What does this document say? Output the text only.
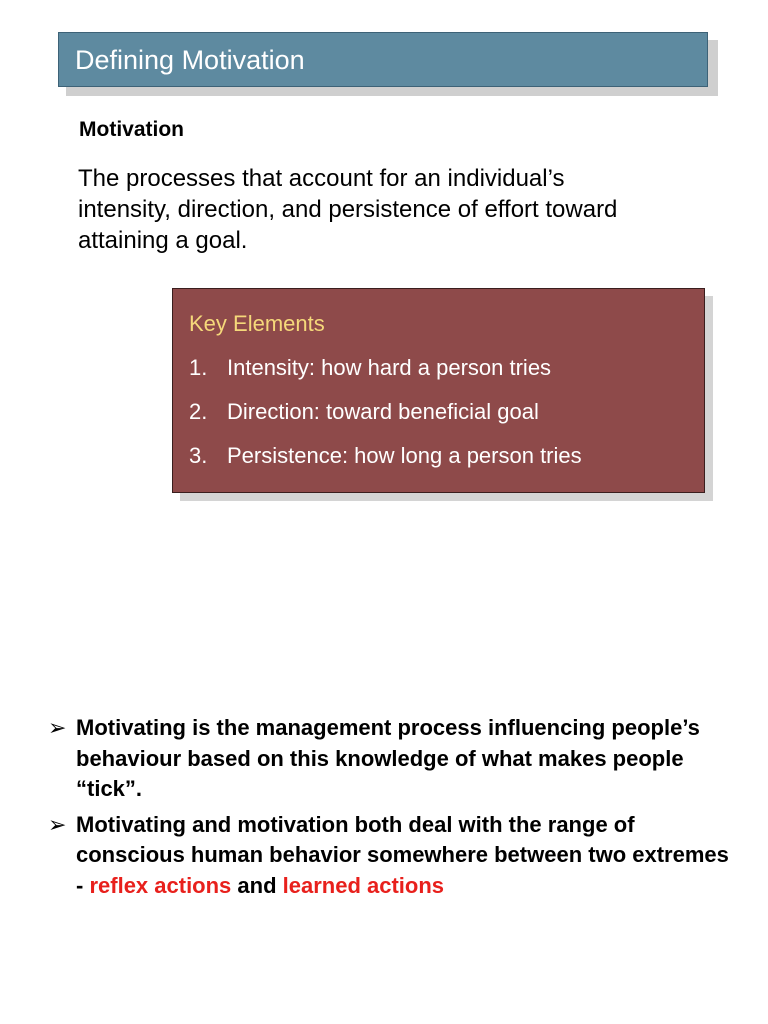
Defining Motivation
Motivation
The processes that account for an individual’s intensity, direction, and persistence of effort toward attaining a goal.
Key Elements
1. Intensity: how hard a person tries
2. Direction: toward beneficial goal
3. Persistence: how long a person tries
➢ Motivating is the management process influencing people’s behaviour based on this knowledge of what makes people “tick”.
➢ Motivating and motivation both deal with the range of conscious human behavior somewhere between two extremes - reflex actions and learned actions
